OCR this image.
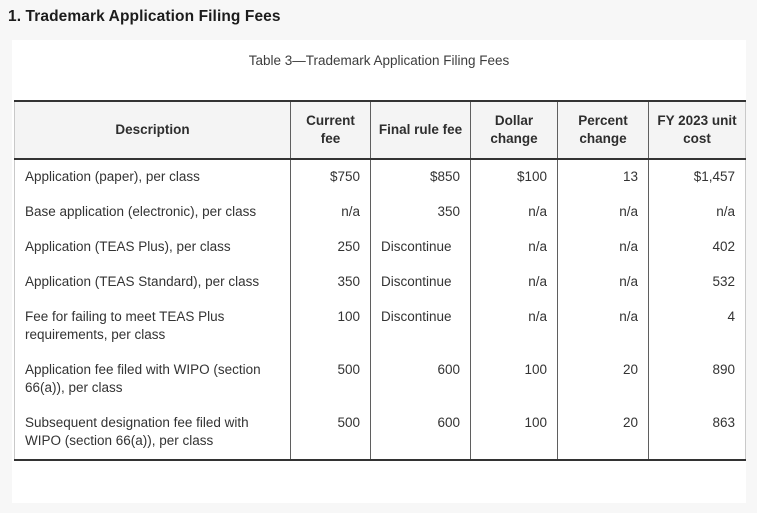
1. Trademark Application Filing Fees
Table 3—Trademark Application Filing Fees
Description	Current fee	Final rule fee	Dollar change	Percent change	FY 2023 unit cost
Application (paper), per class	$750	$850	$100	13	$1,457
Base application (electronic), per class	n/a	350	n/a	n/a	n/a
Application (TEAS Plus), per class	250	Discontinue	n/a	n/a	402
Application (TEAS Standard), per class	350	Discontinue	n/a	n/a	532
Fee for failing to meet TEAS Plus requirements, per class	100	Discontinue	n/a	n/a	4
Application fee filed with WIPO (section 66(a)), per class	500	600	100	20	890
Subsequent designation fee filed with WIPO (section 66(a)), per class	500	600	100	20	863
